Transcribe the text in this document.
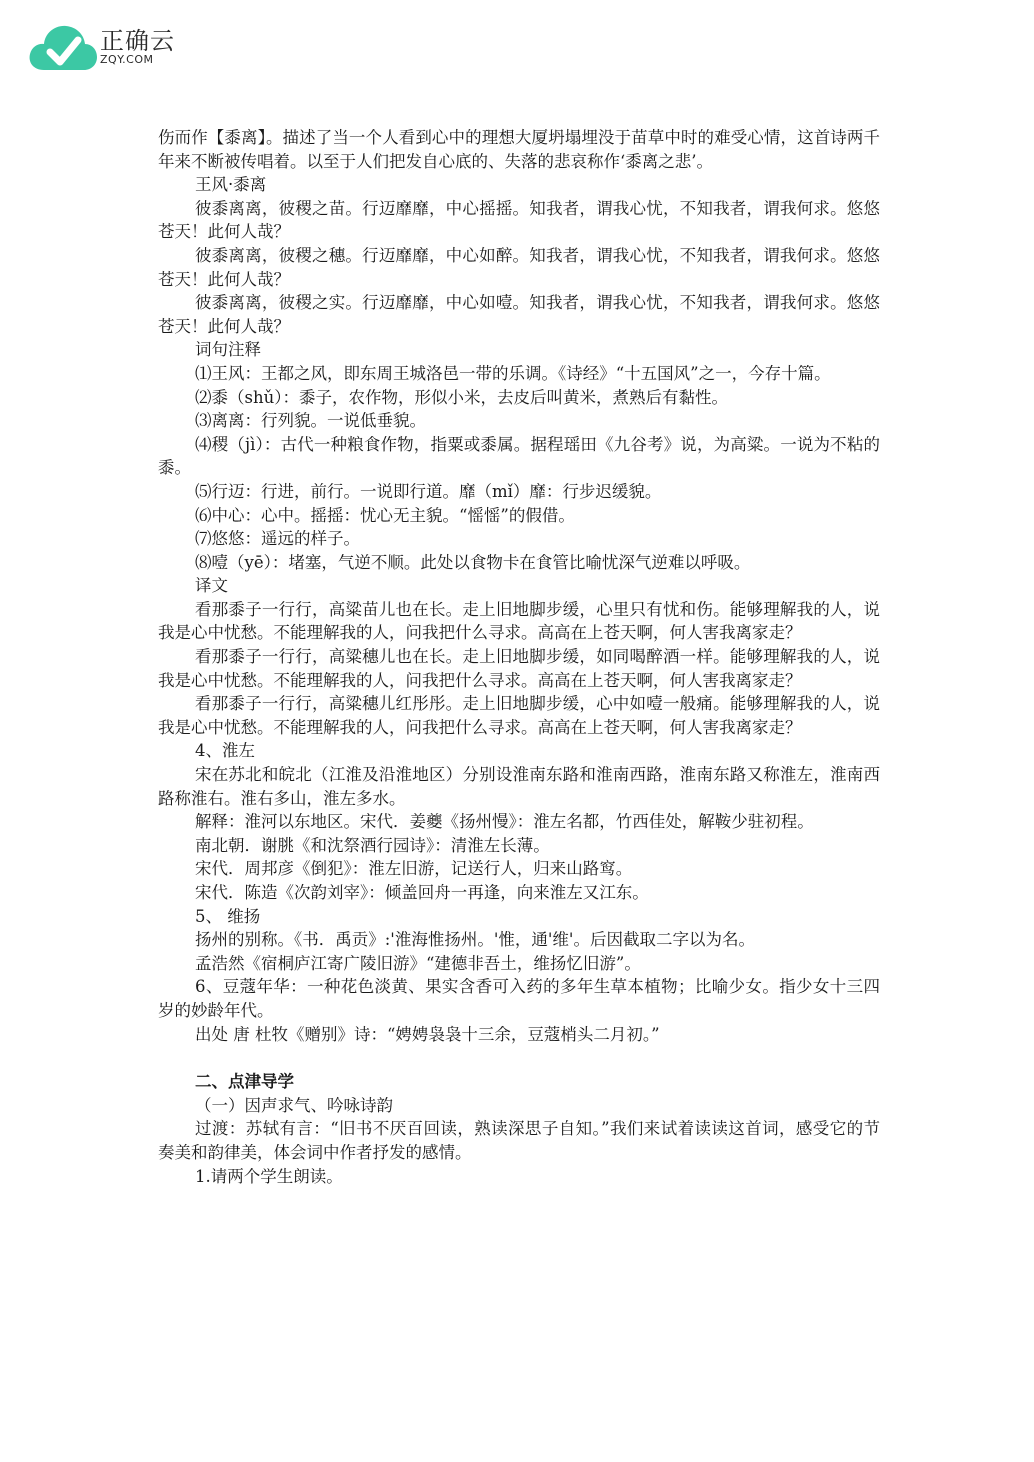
正确云
ZQY.COM

伤而作【黍离】。描述了当一个人看到心中的理想大厦坍塌埋没于苗草中时的难受心情，这首诗两千年来不断被传唱着。以至于人们把发自心底的、失落的悲哀称作‘黍离之悲’。

王风·黍离

彼黍离离，彼稷之苗。行迈靡靡，中心摇摇。知我者，谓我心忧，不知我者，谓我何求。悠悠苍天！此何人哉？

彼黍离离，彼稷之穗。行迈靡靡，中心如醉。知我者，谓我心忧，不知我者，谓我何求。悠悠苍天！此何人哉？

彼黍离离，彼稷之实。行迈靡靡，中心如噎。知我者，谓我心忧，不知我者，谓我何求。悠悠苍天！此何人哉？

词句注释

⑴王风：王都之风，即东周王城洛邑一带的乐调。《诗经》“十五国风”之一，今存十篇。

⑵黍（shǔ）：黍子，农作物，形似小米，去皮后叫黄米，煮熟后有黏性。

⑶离离：行列貌。一说低垂貌。

⑷稷（jì）：古代一种粮食作物，指粟或黍属。据程瑶田《九谷考》说，为高粱。一说为不粘的黍。

⑸行迈：行进，前行。一说即行道。靡（mǐ）靡：行步迟缓貌。

⑹中心：心中。摇摇：忧心无主貌。“愮愮”的假借。

⑺悠悠：遥远的样子。

⑻噎（yē）：堵塞，气逆不顺。此处以食物卡在食管比喻忧深气逆难以呼吸。

译文

看那黍子一行行，高粱苗儿也在长。走上旧地脚步缓，心里只有忧和伤。能够理解我的人，说我是心中忧愁。不能理解我的人，问我把什么寻求。高高在上苍天啊，何人害我离家走？

看那黍子一行行，高粱穗儿也在长。走上旧地脚步缓，如同喝醉酒一样。能够理解我的人，说我是心中忧愁。不能理解我的人，问我把什么寻求。高高在上苍天啊，何人害我离家走？

看那黍子一行行，高粱穗儿红彤彤。走上旧地脚步缓，心中如噎一般痛。能够理解我的人，说我是心中忧愁。不能理解我的人，问我把什么寻求。高高在上苍天啊，何人害我离家走？

4、淮左

宋在苏北和皖北（江淮及沿淮地区）分别设淮南东路和淮南西路，淮南东路又称淮左，淮南西路称淮右。淮右多山，淮左多水。

解释：淮河以东地区。宋代．姜夔《扬州慢》：淮左名都，竹西佳处，解鞍少驻初程。

南北朝．谢朓《和沈祭酒行园诗》：清淮左长薄。

宋代．周邦彦《倒犯》：淮左旧游，记送行人，归来山路窎。

宋代．陈造《次韵刘宰》：倾盖回舟一再逢，向来淮左又江东。

5、 维扬

扬州的别称。《书．禹贡》:'淮海惟扬州。'惟，通'维'。后因截取二字以为名。

孟浩然《宿桐庐江寄广陵旧游》“建德非吾土，维扬忆旧游”。

6、豆蔻年华：一种花色淡黄、果实含香可入药的多年生草本植物；比喻少女。指少女十三四岁的妙龄年代。

出处 唐 杜牧《赠别》诗：“娉娉袅袅十三余，豆蔻梢头二月初。”

二、点津导学

（一）因声求气、吟咏诗韵

过渡：苏轼有言：“旧书不厌百回读，熟读深思子自知。”我们来试着读读这首词，感受它的节奏美和韵律美，体会词中作者抒发的感情。

1.请两个学生朗读。
